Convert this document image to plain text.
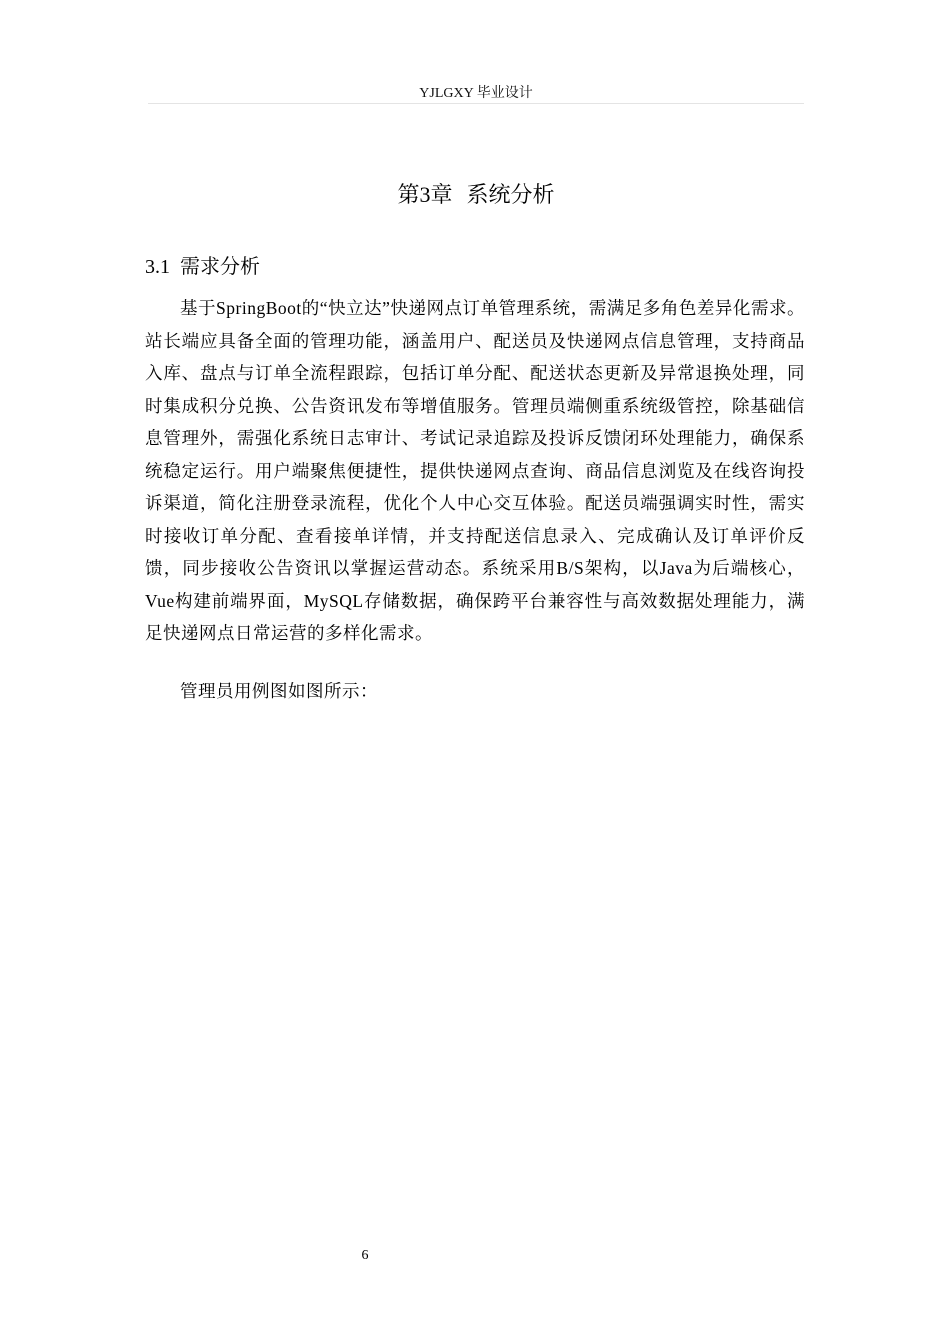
YJLGXY 毕业设计
第3章 系统分析
3.1 需求分析

基于SpringBoot的“快立达”快递网点订单管理系统，需满足多角色差异化需求。站长端应具备全面的管理功能，涵盖用户、配送员及快递网点信息管理，支持商品入库、盘点与订单全流程跟踪，包括订单分配、配送状态更新及异常退换处理，同时集成积分兑换、公告资讯发布等增值服务。管理员端侧重系统级管控，除基础信息管理外，需强化系统日志审计、考试记录追踪及投诉反馈闭环处理能力，确保系统稳定运行。用户端聚焦便捷性，提供快递网点查询、商品信息浏览及在线咨询投诉渠道，简化注册登录流程，优化个人中心交互体验。配送员端强调实时性，需实时接收订单分配、查看接单详情，并支持配送信息录入、完成确认及订单评价反馈，同步接收公告资讯以掌握运营动态。系统采用B/S架构，以Java为后端核心，Vue构建前端界面，MySQL存储数据，确保跨平台兼容性与高效数据处理能力，满足快递网点日常运营的多样化需求。

管理员用例图如图所示：

6
